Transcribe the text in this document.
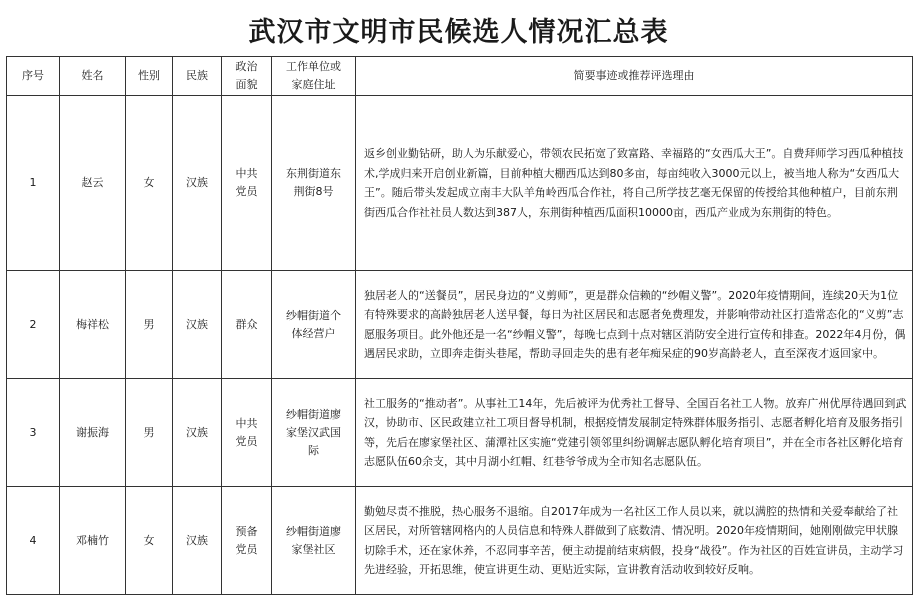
武汉市文明市民候选人情况汇总表
序号	姓名	性别	民族	政治面貌	工作单位或家庭住址	简要事迹或推荐评选理由
1	赵云	女	汉族	中共党员	东荆街道东荆街8号	返乡创业勤钻研，助人为乐献爱心，带领农民拓宽了致富路、幸福路的“女西瓜大王”。自费拜师学习西瓜种植技术,学成归来开启创业新篇，目前种植大棚西瓜达到80多亩，每亩纯收入3000元以上，被当地人称为“女西瓜大王”。随后带头发起成立南丰大队羊角岭西瓜合作社，将自己所学技艺毫无保留的传授给其他种植户，目前东荆街西瓜合作社社员人数达到387人，东荆街种植西瓜面积10000亩，西瓜产业成为东荆街的特色。
2	梅祥松	男	汉族	群众	纱帽街道个体经营户	独居老人的“送餐员”，居民身边的“义剪师”，更是群众信赖的“纱帽义警”。2020年疫情期间，连续20天为1位有特殊要求的高龄独居老人送早餐，每日为社区居民和志愿者免费理发，并影响带动社区打造常态化的“义剪”志愿服务项目。此外他还是一名“纱帽义警”，每晚七点到十点对辖区消防安全进行宣传和排查。2022年4月份，偶遇居民求助，立即奔走街头巷尾，帮助寻回走失的患有老年痴呆症的90岁高龄老人，直至深夜才返回家中。
3	谢振海	男	汉族	中共党员	纱帽街道廖家堡汉武国际	社工服务的“推动者”。从事社工14年，先后被评为优秀社工督导、全国百名社工人物。放弃广州优厚待遇回到武汉，协助市、区民政建立社工项目督导机制，根据疫情发展制定特殊群体服务指引、志愿者孵化培育及服务指引等，先后在廖家堡社区、蒲潭社区实施“党建引领邻里纠纷调解志愿队孵化培育项目”，并在全市各社区孵化培育志愿队伍60余支，其中月湖小红帽、红巷爷爷成为全市知名志愿队伍。
4	邓楠竹	女	汉族	预备党员	纱帽街道廖家堡社区	勤勉尽责不推脱，热心服务不退缩。自2017年成为一名社区工作人员以来，就以满腔的热情和关爱奉献给了社区居民，对所管辖网格内的人员信息和特殊人群做到了底数清、情况明。2020年疫情期间，她刚刚做完甲状腺切除手术，还在家休养，不忍同事辛苦，便主动提前结束病假，投身“战役”。作为社区的百姓宣讲员，主动学习先进经验，开拓思维，使宣讲更生动、更贴近实际，宣讲教育活动收到较好反响。
